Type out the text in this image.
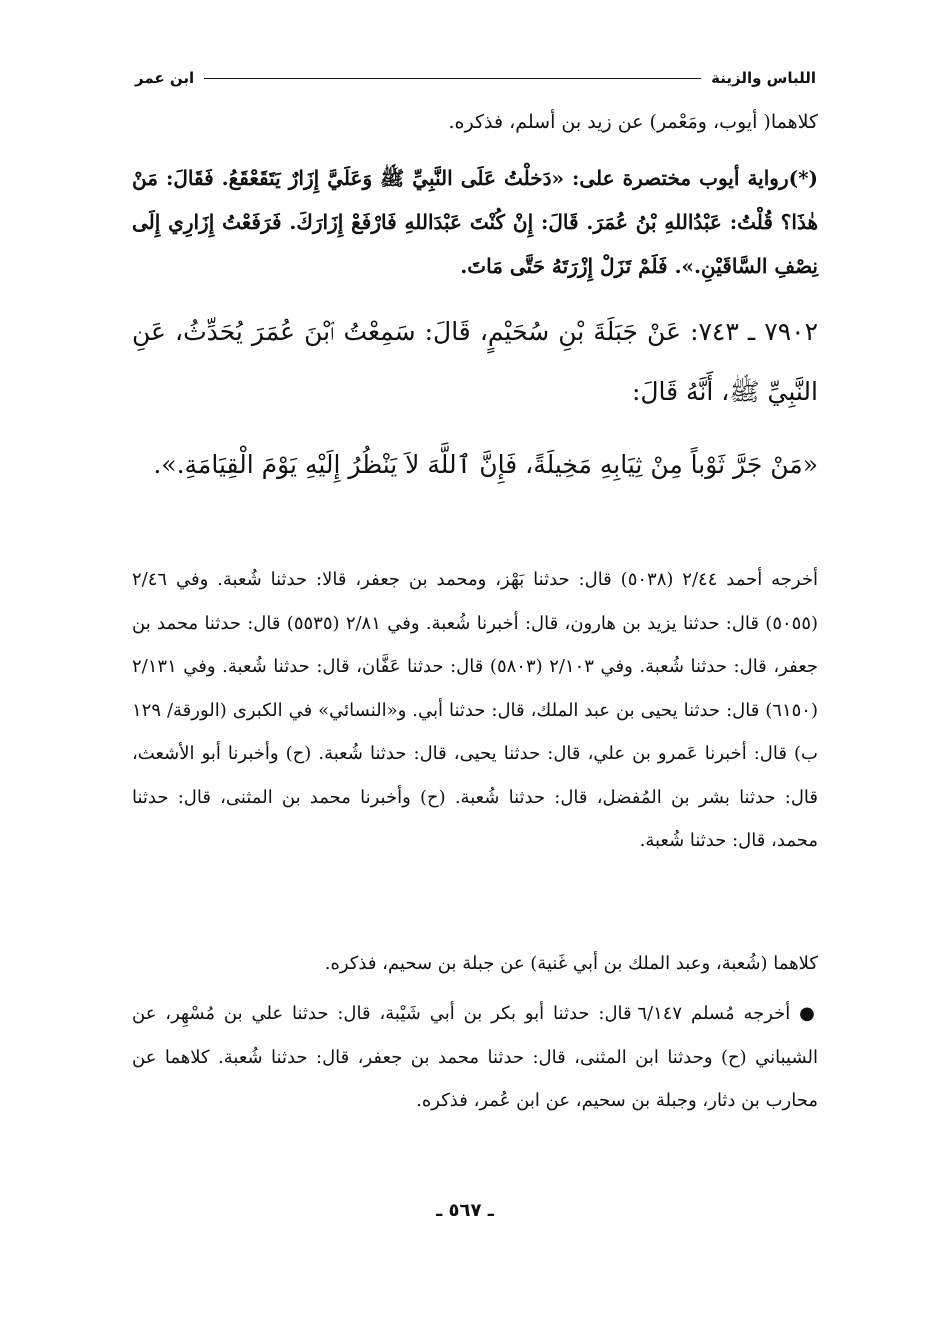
اللباس والزينة
ابن عمر

كلاهما( أيوب، ومَعْمر) عن زيد بن أسلم، فذكره.

(*)رواية أيوب مختصرة على: «دَخلْتُ عَلَى النَّبِيِّ ﷺ وَعَلَيَّ إِزَارٌ يَتَقَعْقَعُ. فَقَالَ: مَنْ هٰذَا؟ قُلْتُ: عَبْدُاللهِ بْنُ عُمَرَ. قَالَ: إِنْ كُنْتَ عَبْدَاللهِ فَارْفَعْ إِزَارَكَ. فَرَفَعْتُ إِزَارِي إِلَى نِصْفِ السَّاقَيْنِ.». فَلَمْ تَزَلْ إِزْرَتَهُ حَتَّى مَاتَ.

٧٩٠٢ ـ ٧٤٣: عَنْ جَبَلَةَ بْنِ سُحَيْمٍ، قَالَ: سَمِعْتُ ٱبْنَ عُمَرَ يُحَدِّثُ، عَنِ النَّبِيِّ ﷺ، أَنَّهُ قَالَ:

«مَنْ جَرَّ ثَوْباً مِنْ ثِيَابِهِ مَخِيلَةً، فَإِنَّ ٱللَّهَ لاَ يَنْظُرُ إِلَيْهِ يَوْمَ الْقِيَامَةِ.».

أخرجه أحمد ٢/٤٤ (٥٠٣٨) قال: حدثنا بَهْز، ومحمد بن جعفر، قالا: حدثنا شُعبة. وفي ٢/٤٦ (٥٠٥٥) قال: حدثنا يزيد بن هارون، قال: أخبرنا شُعبة. وفي ٢/٨١ (٥٥٣٥) قال: حدثنا محمد بن جعفر، قال: حدثنا شُعبة. وفي ٢/١٠٣ (٥٨٠٣) قال: حدثنا عَفَّان، قال: حدثنا شُعبة. وفي ٢/١٣١ (٦١٥٠) قال: حدثنا يحيى بن عبد الملك، قال: حدثنا أبي. و«النسائي» في الكبرى (الورقة/ ١٢٩ ب) قال: أخبرنا عَمرو بن علي، قال: حدثنا يحيى، قال: حدثنا شُعبة. (ح) وأخبرنا أبو الأشعث، قال: حدثنا بشر بن المُفضل، قال: حدثنا شُعبة. (ح) وأخبرنا محمد بن المثنى، قال: حدثنا محمد، قال: حدثنا شُعبة.

كلاهما (شُعبة، وعبد الملك بن أبي غَنية) عن جبلة بن سحيم، فذكره.

● أخرجه مُسلم ٦/١٤٧ قال: حدثنا أبو بكر بن أبي شَيْبة، قال: حدثنا علي بن مُسْهِر، عن الشيباني (ح) وحدثنا ابن المثنى، قال: حدثنا محمد بن جعفر، قال: حدثنا شُعبة. كلاهما عن محارب بن دثار، وجبلة بن سحيم، عن ابن عُمر، فذكره.

ـ ٥٦٧ ـ
